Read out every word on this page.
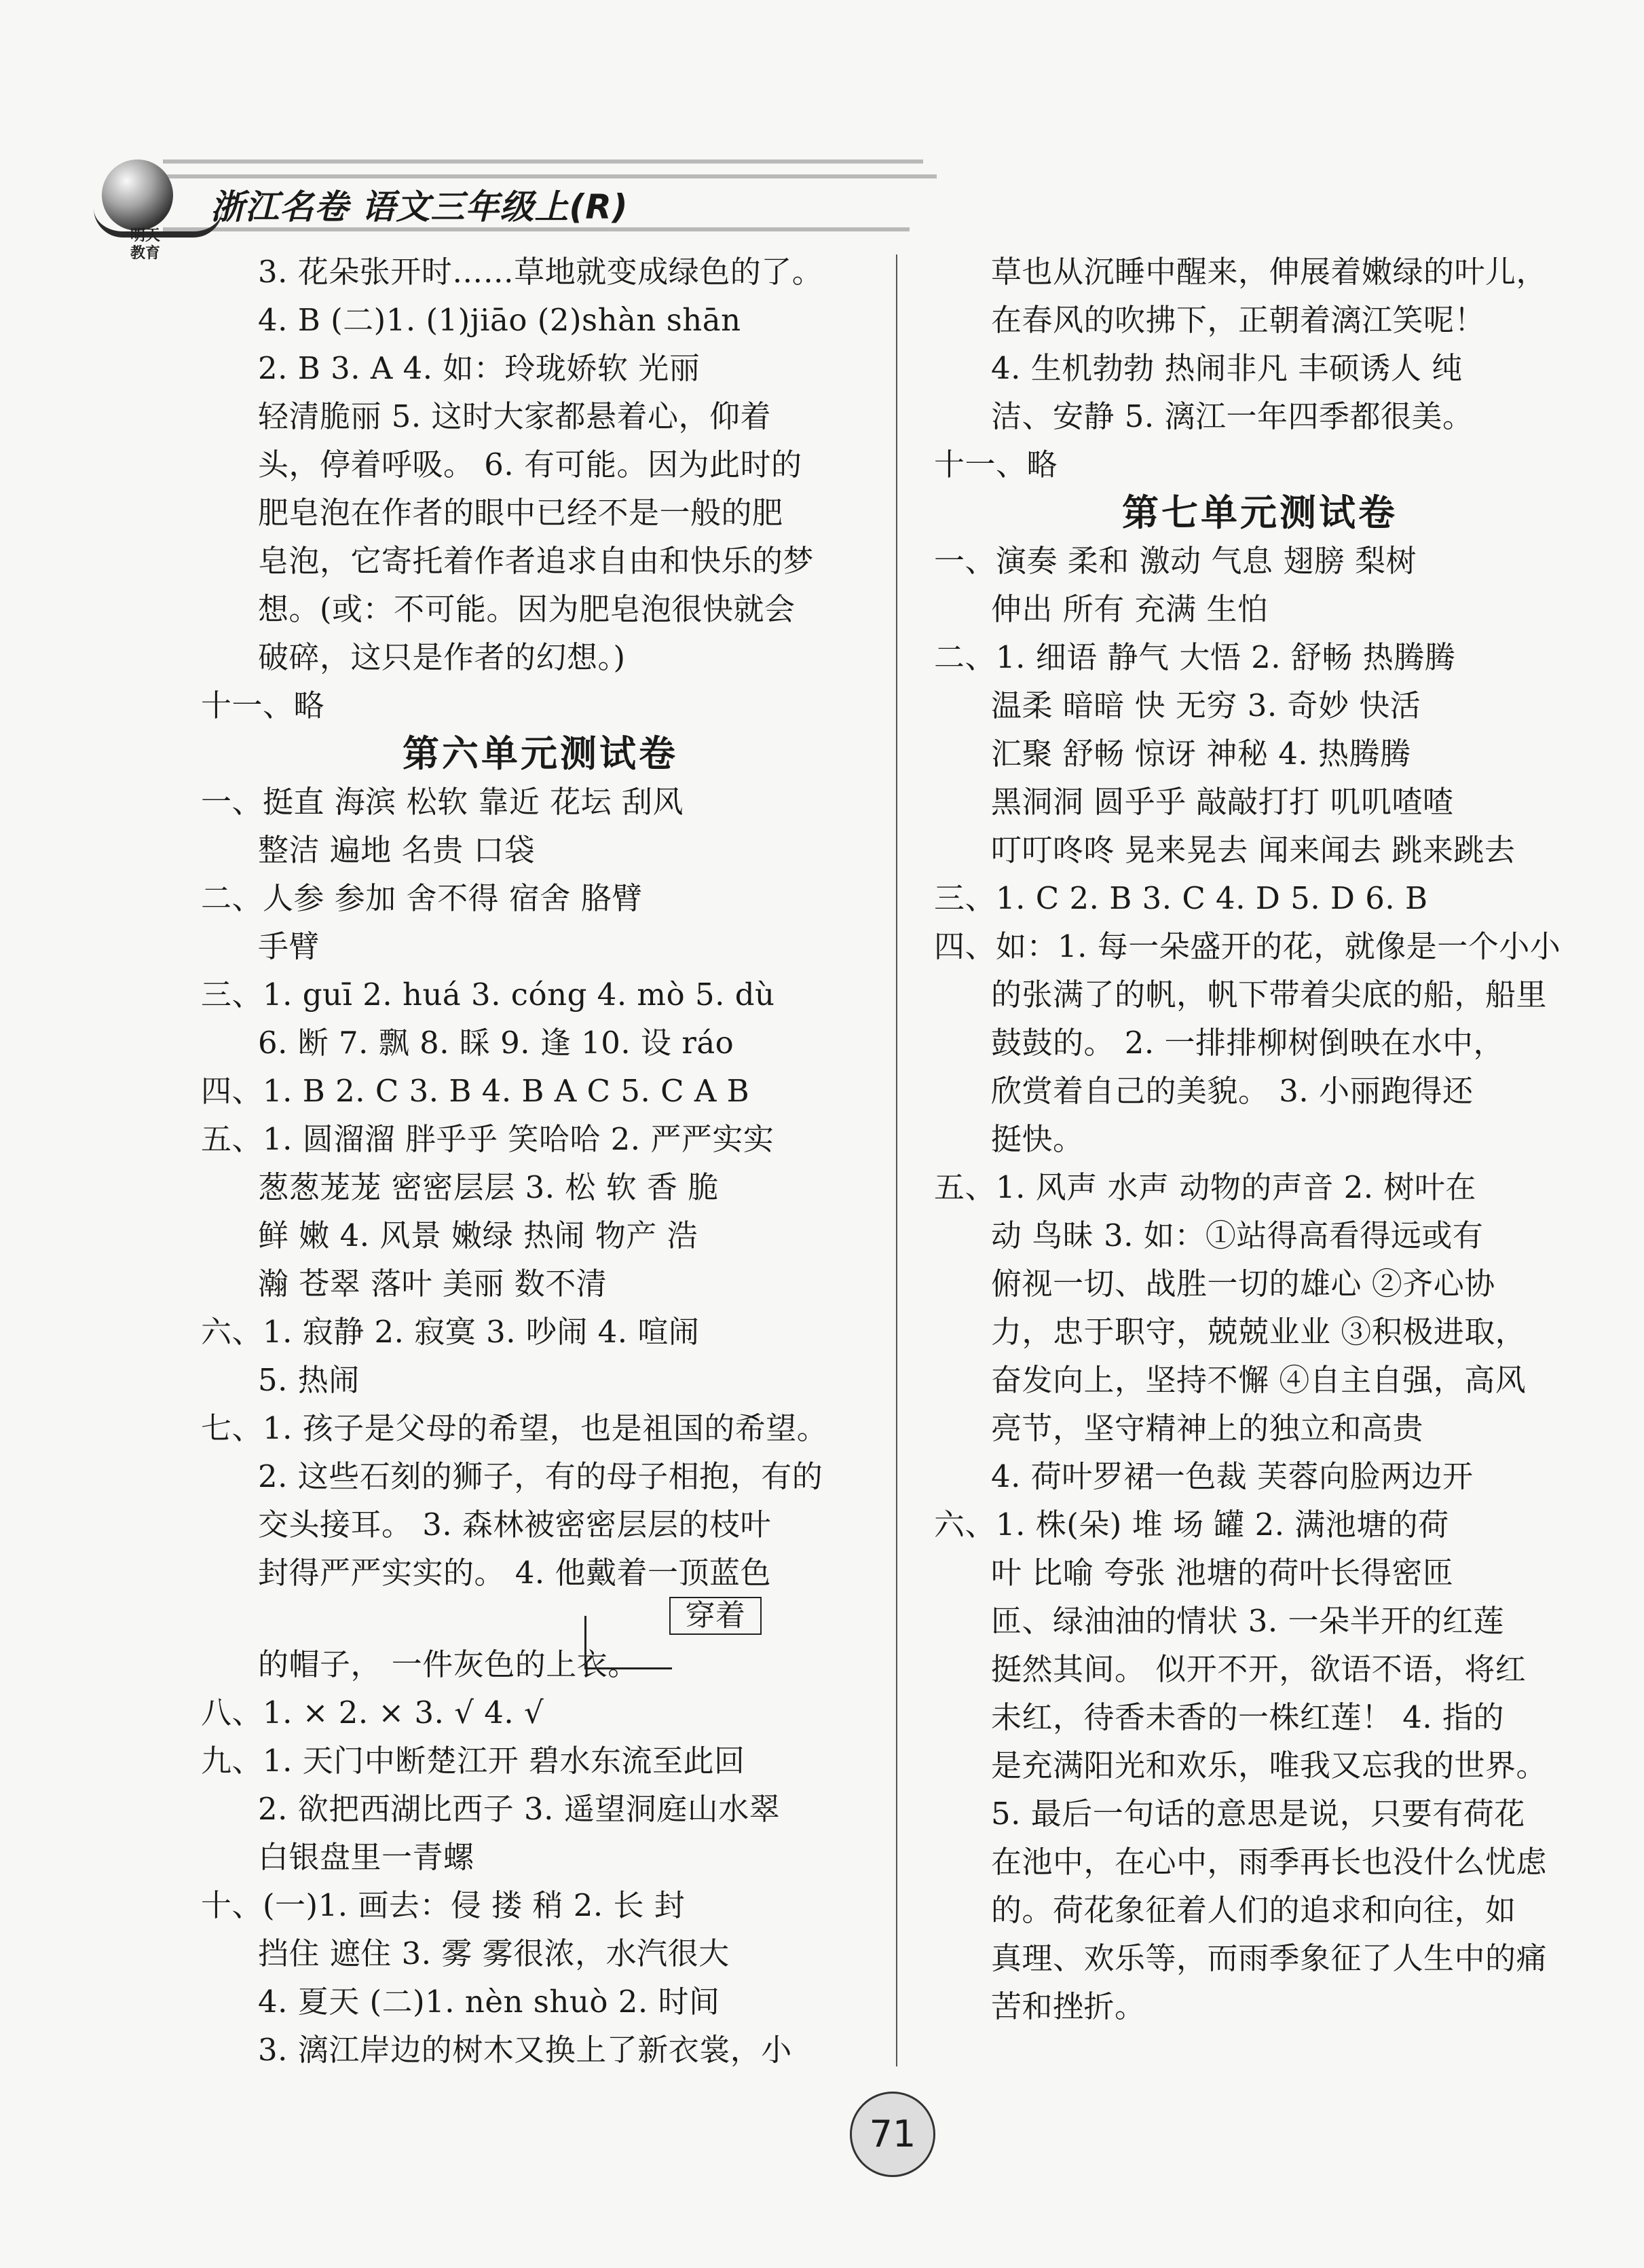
明天
教育
浙江名卷 语文三年级上(R)
3. 花朵张开时……草地就变成绿色的了。
4. B (二)1. (1)jiāo (2)shàn shān
2. B 3. A 4. 如：玲珑娇软 光丽
轻清脆丽 5. 这时大家都悬着心，仰着
头，停着呼吸。 6. 有可能。因为此时的
肥皂泡在作者的眼中已经不是一般的肥
皂泡，它寄托着作者追求自由和快乐的梦
想。(或：不可能。因为肥皂泡很快就会
破碎，这只是作者的幻想。)
十一、略
第六单元测试卷
一、挺直 海滨 松软 靠近 花坛 刮风
整洁 遍地 名贵 口袋
二、人参 参加 舍不得 宿舍 胳臂
手臂
三、1. guī 2. huá 3. cóng 4. mò 5. dù
6. 断 7. 飘 8. 睬 9. 逢 10. 设 ráo
四、1. B 2. C 3. B 4. B A C 5. C A B
五、1. 圆溜溜 胖乎乎 笑哈哈 2. 严严实实
葱葱茏茏 密密层层 3. 松 软 香 脆
鲜 嫩 4. 风景 嫩绿 热闹 物产 浩
瀚 苍翠 落叶 美丽 数不清
六、1. 寂静 2. 寂寞 3. 吵闹 4. 喧闹
5. 热闹
七、1. 孩子是父母的希望，也是祖国的希望。
2. 这些石刻的狮子，有的母子相抱，有的
交头接耳。 3. 森林被密密层层的枝叶
封得严严实实的。 4. 他戴着一顶蓝色
穿着
的帽子， 一件灰色的上衣。
八、1. × 2. × 3. √ 4. √
九、1. 天门中断楚江开 碧水东流至此回
2. 欲把西湖比西子 3. 遥望洞庭山水翠
白银盘里一青螺
十、(一)1. 画去：侵 搂 稍 2. 长 封
挡住 遮住 3. 雾 雾很浓，水汽很大
4. 夏天 (二)1. nèn shuò 2. 时间
3. 漓江岸边的树木又换上了新衣裳，小
草也从沉睡中醒来，伸展着嫩绿的叶儿，
在春风的吹拂下，正朝着漓江笑呢！
4. 生机勃勃 热闹非凡 丰硕诱人 纯
洁、安静 5. 漓江一年四季都很美。
十一、略
第七单元测试卷
一、演奏 柔和 激动 气息 翅膀 梨树
伸出 所有 充满 生怕
二、1. 细语 静气 大悟 2. 舒畅 热腾腾
温柔 暗暗 快 无穷 3. 奇妙 快活
汇聚 舒畅 惊讶 神秘 4. 热腾腾
黑洞洞 圆乎乎 敲敲打打 叽叽喳喳
叮叮咚咚 晃来晃去 闻来闻去 跳来跳去
三、1. C 2. B 3. C 4. D 5. D 6. B
四、如：1. 每一朵盛开的花，就像是一个小小
的张满了的帆，帆下带着尖底的船，船里
鼓鼓的。 2. 一排排柳树倒映在水中，
欣赏着自己的美貌。 3. 小丽跑得还
挺快。
五、1. 风声 水声 动物的声音 2. 树叶在
动 鸟昧 3. 如：①站得高看得远或有
俯视一切、战胜一切的雄心 ②齐心协
力，忠于职守，兢兢业业 ③积极进取，
奋发向上，坚持不懈 ④自主自强，高风
亮节，坚守精神上的独立和高贵
4. 荷叶罗裙一色裁 芙蓉向脸两边开
六、1. 株(朵) 堆 场 罐 2. 满池塘的荷
叶 比喻 夸张 池塘的荷叶长得密匝
匝、绿油油的情状 3. 一朵半开的红莲
挺然其间。 似开不开，欲语不语，将红
未红，待香未香的一株红莲！ 4. 指的
是充满阳光和欢乐，唯我又忘我的世界。
5. 最后一句话的意思是说，只要有荷花
在池中，在心中，雨季再长也没什么忧虑
的。荷花象征着人们的追求和向往，如
真理、欢乐等，而雨季象征了人生中的痛
苦和挫折。
71
